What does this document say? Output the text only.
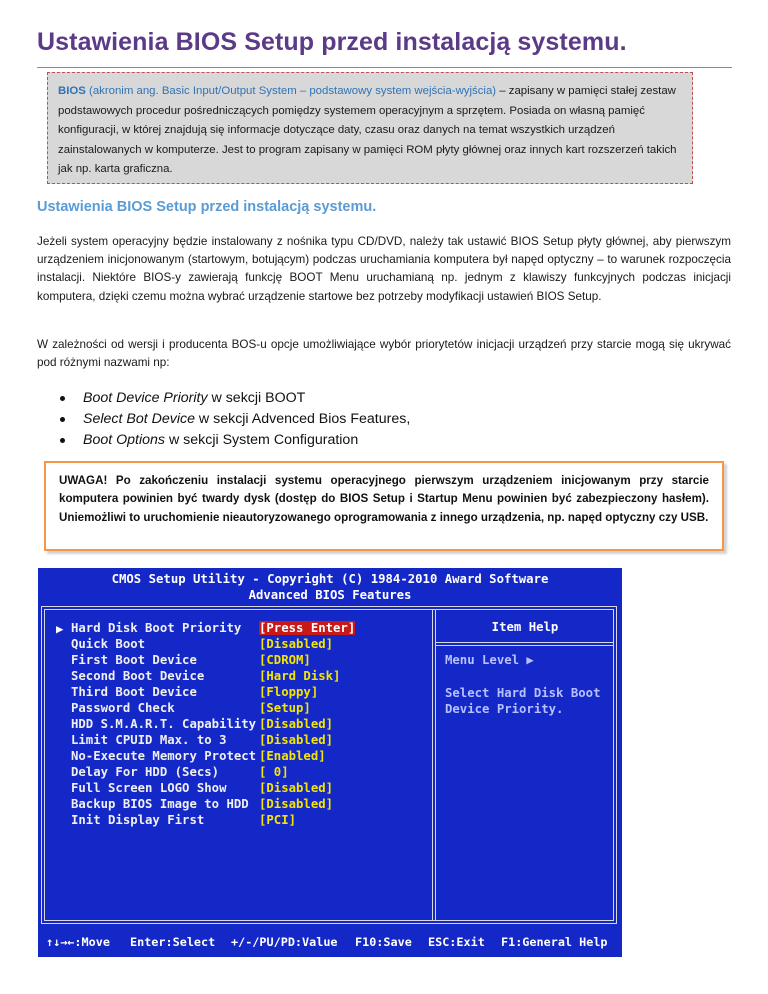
Ustawienia BIOS Setup przed instalacją systemu.
BIOS (akronim ang. Basic Input/Output System – podstawowy system wejścia-wyjścia) – zapisany w pamięci stałej zestaw podstawowych procedur pośredniczących pomiędzy systemem operacyjnym a sprzętem. Posiada on własną pamięć konfiguracji, w której znajdują się informacje dotyczące daty, czasu oraz danych na temat wszystkich urządzeń zainstalowanych w komputerze. Jest to program zapisany w pamięci ROM płyty głównej oraz innych kart rozszerzeń takich jak np. karta graficzna.
Ustawienia BIOS Setup przed instalacją systemu.

Jeżeli system operacyjny będzie instalowany z nośnika typu CD/DVD, należy tak ustawić BIOS Setup płyty głównej, aby pierwszym urządzeniem inicjonowanym (startowym, botującym) podczas uruchamiania komputera był napęd optyczny – to warunek rozpoczęcia instalacji. Niektóre BIOS-y zawierają funkcję BOOT Menu uruchamianą np. jednym z klawiszy funkcyjnych podczas inicjacji komputera, dzięki czemu można wybrać urządzenie startowe bez potrzeby modyfikacji ustawień BIOS Setup.

W zależności od wersji i producenta BOS-u opcje umożliwiające wybór priorytetów inicjacji urządzeń przy starcie mogą się ukrywać pod różnymi nazwami np:

Boot Device Priority w sekcji BOOT
Select Bot Device w sekcji Advenced Bios Features,
Boot Options w sekcji System Configuration
UWAGA! Po zakończeniu instalacji systemu operacyjnego pierwszym urządzeniem inicjowanym przy starcie komputera powinien być twardy dysk (dostęp do BIOS Setup i Startup Menu powinien być zabezpieczony hasłem). Uniemożliwi to uruchomienie nieautoryzowanego oprogramowania z innego urządzenia, np. napęd optyczny czy USB.
CMOS Setup Utility - Copyright (C) 1984-2010 Award Software
Advanced BIOS Features
▶ Hard Disk Boot Priority [Press Enter]
Quick Boot	[Disabled]
First Boot Device	[CDROM]
Second Boot Device	[Hard Disk]
Third Boot Device	[Floppy]
Password Check	[Setup]
HDD S.M.A.R.T. Capability [Disabled]
Limit CPUID Max. to 3	[Disabled]
No-Execute Memory Protect [Enabled]
Delay For HDD (Secs)	[ 0]
Full Screen LOGO Show	[Disabled]
Backup BIOS Image to HDD [Disabled]
Init Display First	[PCI]
Item Help
Menu Level ▶
Select Hard Disk Boot Device Priority.
↑↓→←:Move Enter:Select +/-/PU/PD:Value F10:Save ESC:Exit F1:General Help
